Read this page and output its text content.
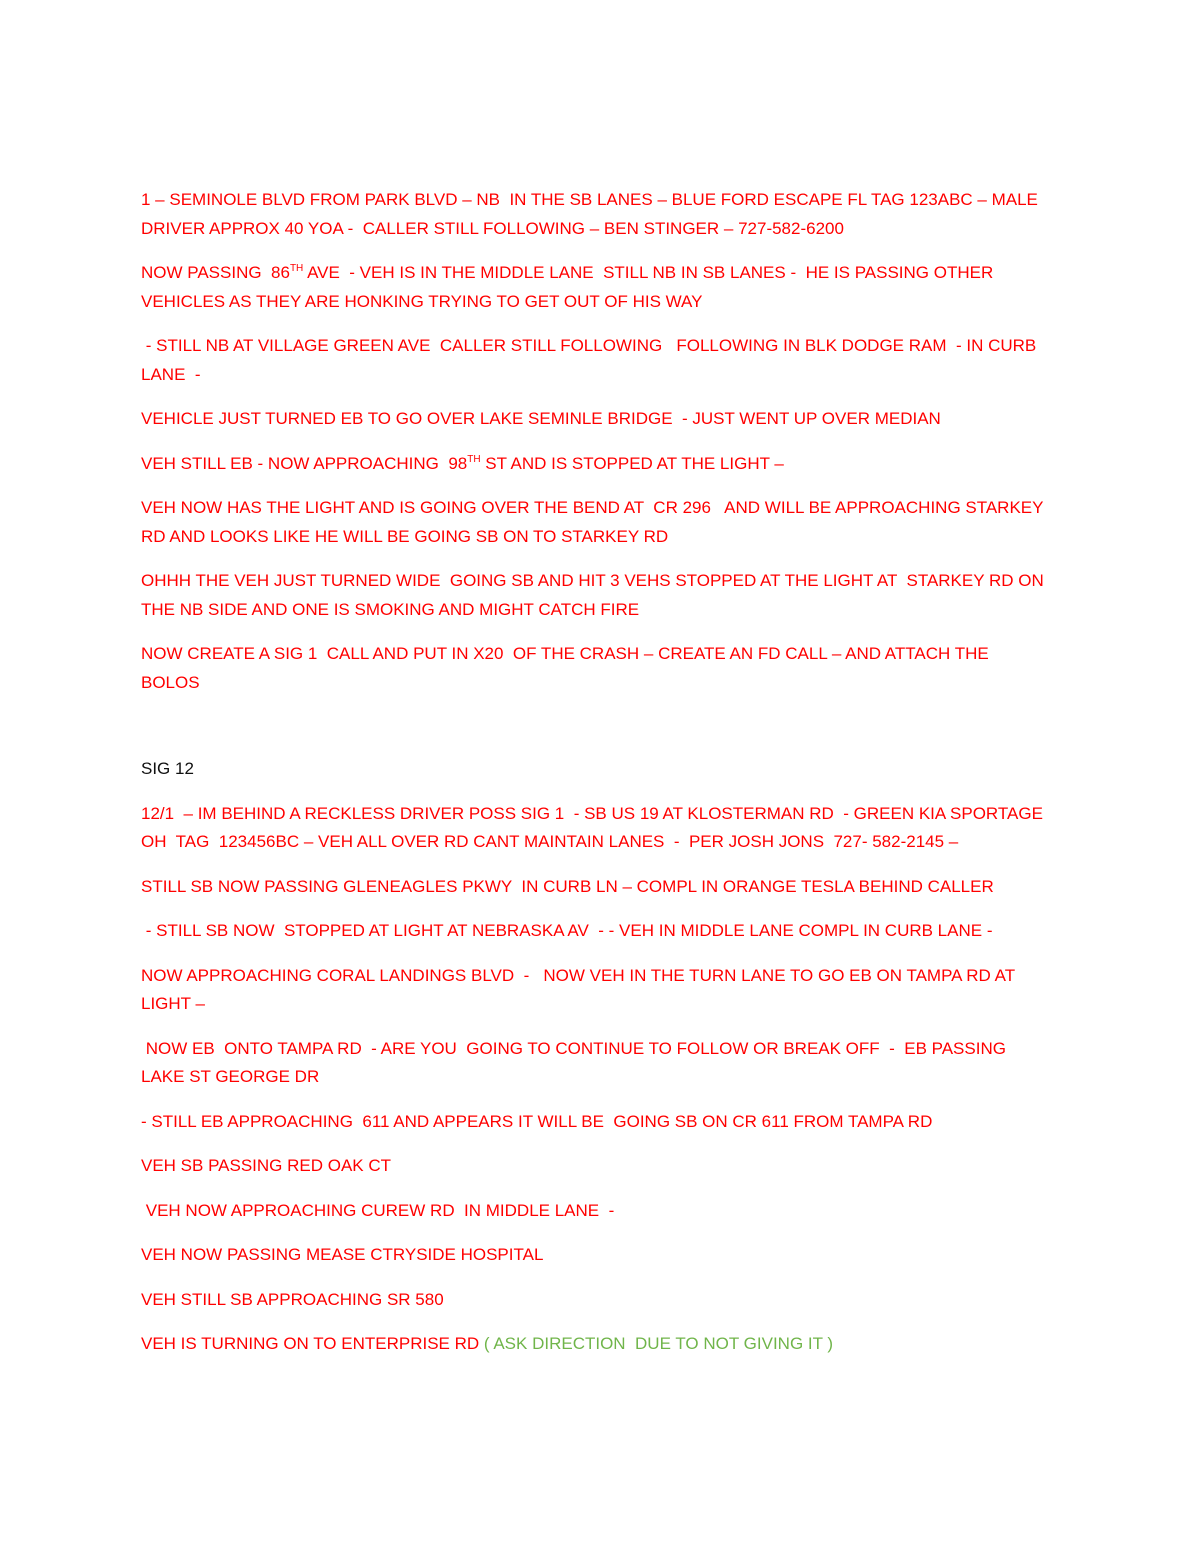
1 – SEMINOLE BLVD FROM PARK BLVD – NB  IN THE SB LANES – BLUE FORD ESCAPE FL TAG 123ABC – MALE DRIVER APPROX 40 YOA -  CALLER STILL FOLLOWING – BEN STINGER – 727-582-6200

NOW PASSING  86TH AVE  - VEH IS IN THE MIDDLE LANE  STILL NB IN SB LANES -  HE IS PASSING OTHER VEHICLES AS THEY ARE HONKING TRYING TO GET OUT OF HIS WAY

- STILL NB AT VILLAGE GREEN AVE  CALLER STILL FOLLOWING   FOLLOWING IN BLK DODGE RAM  - IN CURB LANE  -

VEHICLE JUST TURNED EB TO GO OVER LAKE SEMINLE BRIDGE  - JUST WENT UP OVER MEDIAN

VEH STILL EB - NOW APPROACHING  98TH ST AND IS STOPPED AT THE LIGHT –

VEH NOW HAS THE LIGHT AND IS GOING OVER THE BEND AT  CR 296   AND WILL BE APPROACHING STARKEY RD AND LOOKS LIKE HE WILL BE GOING SB ON TO STARKEY RD

OHHH THE VEH JUST TURNED WIDE  GOING SB AND HIT 3 VEHS STOPPED AT THE LIGHT AT  STARKEY RD ON THE NB SIDE AND ONE IS SMOKING AND MIGHT CATCH FIRE

NOW CREATE A SIG 1  CALL AND PUT IN X20  OF THE CRASH – CREATE AN FD CALL – AND ATTACH THE BOLOS

SIG 12

12/1  – IM BEHIND A RECKLESS DRIVER POSS SIG 1  - SB US 19 AT KLOSTERMAN RD  - GREEN KIA SPORTAGE OH  TAG  123456BC – VEH ALL OVER RD CANT MAINTAIN LANES  -  PER JOSH JONS  727- 582-2145 –

STILL SB NOW PASSING GLENEAGLES PKWY  IN CURB LN – COMPL IN ORANGE TESLA BEHIND CALLER

- STILL SB NOW  STOPPED AT LIGHT AT NEBRASKA AV  - - VEH IN MIDDLE LANE COMPL IN CURB LANE -

NOW APPROACHING CORAL LANDINGS BLVD  -   NOW VEH IN THE TURN LANE TO GO EB ON TAMPA RD AT LIGHT –

NOW EB  ONTO TAMPA RD  - ARE YOU  GOING TO CONTINUE TO FOLLOW OR BREAK OFF  -  EB PASSING LAKE ST GEORGE DR

- STILL EB APPROACHING  611 AND APPEARS IT WILL BE  GOING SB ON CR 611 FROM TAMPA RD

VEH SB PASSING RED OAK CT

VEH NOW APPROACHING CUREW RD  IN MIDDLE LANE  -

VEH NOW PASSING MEASE CTRYSIDE HOSPITAL

VEH STILL SB APPROACHING SR 580

VEH IS TURNING ON TO ENTERPRISE RD ( ASK DIRECTION  DUE TO NOT GIVING IT )
